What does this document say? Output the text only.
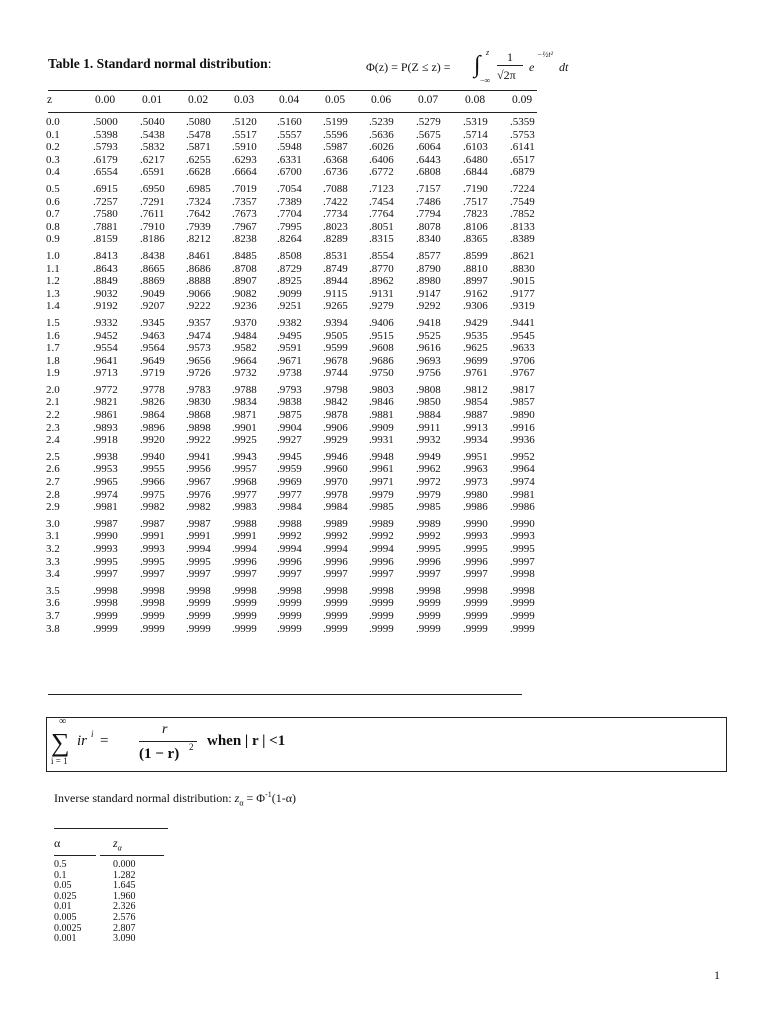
Table 1. Standard normal distribution:	Φ(z) = P(Z ≤ z) = ∫ z
−∞
1
√2π
e
−½t²
dt
z	0.00 0.01 0.02 0.03 0.04 0.05 0.06 0.07 0.08 0.09
0.0	.5000 .5040 .5080 .5120 .5160 .5199 .5239 .5279 .5319 .5359
0.1	.5398 .5438 .5478 .5517 .5557 .5596 .5636 .5675 .5714 .5753
0.2	.5793 .5832 .5871 .5910 .5948 .5987 .6026 .6064 .6103 .6141
0.3	.6179 .6217 .6255 .6293 .6331 .6368 .6406 .6443 .6480 .6517
0.4	.6554 .6591 .6628 .6664 .6700 .6736 .6772 .6808 .6844 .6879
0.5	.6915 .6950 .6985 .7019 .7054 .7088 .7123 .7157 .7190 .7224
0.6	.7257 .7291 .7324 .7357 .7389 .7422 .7454 .7486 .7517 .7549
0.7	.7580 .7611 .7642 .7673 .7704 .7734 .7764 .7794 .7823 .7852
0.8	.7881 .7910 .7939 .7967 .7995 .8023 .8051 .8078 .8106 .8133
0.9	.8159 .8186 .8212 .8238 .8264 .8289 .8315 .8340 .8365 .8389
1.0	.8413 .8438 .8461 .8485 .8508 .8531 .8554 .8577 .8599 .8621
1.1	.8643 .8665 .8686 .8708 .8729 .8749 .8770 .8790 .8810 .8830
1.2	.8849 .8869 .8888 .8907 .8925 .8944 .8962 .8980 .8997 .9015
1.3	.9032 .9049 .9066 .9082 .9099 .9115 .9131 .9147 .9162 .9177
1.4	.9192 .9207 .9222 .9236 .9251 .9265 .9279 .9292 .9306 .9319
1.5	.9332 .9345 .9357 .9370 .9382 .9394 .9406 .9418 .9429 .9441
1.6	.9452 .9463 .9474 .9484 .9495 .9505 .9515 .9525 .9535 .9545
1.7	.9554 .9564 .9573 .9582 .9591 .9599 .9608 .9616 .9625 .9633
1.8	.9641 .9649 .9656 .9664 .9671 .9678 .9686 .9693 .9699 .9706
1.9	.9713 .9719 .9726 .9732 .9738 .9744 .9750 .9756 .9761 .9767
2.0	.9772 .9778 .9783 .9788 .9793 .9798 .9803 .9808 .9812 .9817
2.1	.9821 .9826 .9830 .9834 .9838 .9842 .9846 .9850 .9854 .9857
2.2	.9861 .9864 .9868 .9871 .9875 .9878 .9881 .9884 .9887 .9890
2.3	.9893 .9896 .9898 .9901 .9904 .9906 .9909 .9911 .9913 .9916
2.4	.9918 .9920 .9922 .9925 .9927 .9929 .9931 .9932 .9934 .9936
2.5	.9938 .9940 .9941 .9943 .9945 .9946 .9948 .9949 .9951 .9952
2.6	.9953 .9955 .9956 .9957 .9959 .9960 .9961 .9962 .9963 .9964
2.7	.9965 .9966 .9967 .9968 .9969 .9970 .9971 .9972 .9973 .9974
2.8	.9974 .9975 .9976 .9977 .9977 .9978 .9979 .9979 .9980 .9981
2.9	.9981 .9982 .9982 .9983 .9984 .9984 .9985 .9985 .9986 .9986
3.0	.9987 .9987 .9987 .9988 .9988 .9989 .9989 .9989 .9990 .9990
3.1	.9990 .9991 .9991 .9991 .9992 .9992 .9992 .9992 .9993 .9993
3.2	.9993 .9993 .9994 .9994 .9994 .9994 .9994 .9995 .9995 .9995
3.3	.9995 .9995 .9995 .9996 .9996 .9996 .9996 .9996 .9996 .9997
3.4	.9997 .9997 .9997 .9997 .9997 .9997 .9997 .9997 .9997 .9998
3.5	.9998 .9998 .9998 .9998 .9998 .9998 .9998 .9998 .9998 .9998
3.6	.9998 .9998 .9999 .9999 .9999 .9999 .9999 .9999 .9999 .9999
3.7	.9999 .9999 .9999 .9999 .9999 .9999 .9999 .9999 .9999 .9999
3.8	.9999 .9999 .9999 .9999 .9999 .9999 .9999 .9999 .9999 .9999
∑
∞
i = 1
ir i =
r
(1 − r) 2 when | r | <1
Inverse standard normal distribution: $z_\alpha = \Phi^{-1}(1-\alpha)$
α	$z_\alpha$
0.5	0.000
0.1	1.282
0.05	1.645
0.025	1.960
0.01	2.326
0.005	2.576
0.0025	2.807
0.001	3.090
1
